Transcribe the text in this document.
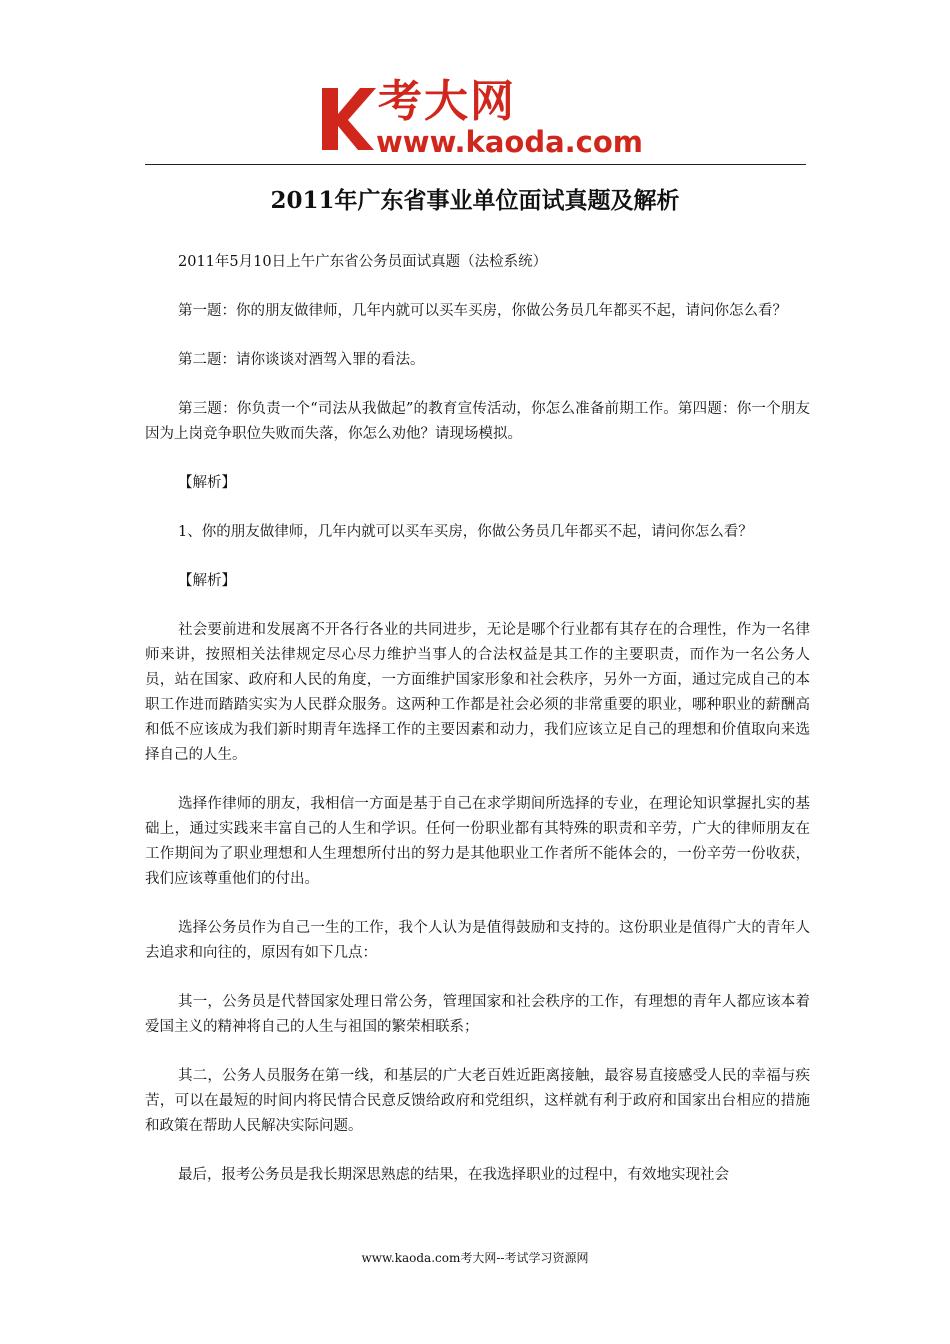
考大网
www.kaoda.com
2011年广东省事业单位面试真题及解析

2011年5月10日上午广东省公务员面试真题（法检系统）

第一题：你的朋友做律师，几年内就可以买车买房，你做公务员几年都买不起，请问你怎么看？

第二题：请你谈谈对酒驾入罪的看法。

第三题：你负责一个“司法从我做起”的教育宣传活动，你怎么准备前期工作。第四题：你一个朋友因为上岗竞争职位失败而失落，你怎么劝他？请现场模拟。

【解析】

1、你的朋友做律师，几年内就可以买车买房，你做公务员几年都买不起，请问你怎么看？

【解析】

社会要前进和发展离不开各行各业的共同进步，无论是哪个行业都有其存在的合理性，作为一名律师来讲，按照相关法律规定尽心尽力维护当事人的合法权益是其工作的主要职责，而作为一名公务人员，站在国家、政府和人民的角度，一方面维护国家形象和社会秩序，另外一方面，通过完成自己的本职工作进而踏踏实实为人民群众服务。这两种工作都是社会必须的非常重要的职业，哪种职业的薪酬高和低不应该成为我们新时期青年选择工作的主要因素和动力，我们应该立足自己的理想和价值取向来选择自己的人生。

选择作律师的朋友，我相信一方面是基于自己在求学期间所选择的专业，在理论知识掌握扎实的基础上，通过实践来丰富自己的人生和学识。任何一份职业都有其特殊的职责和辛劳，广大的律师朋友在工作期间为了职业理想和人生理想所付出的努力是其他职业工作者所不能体会的，一份辛劳一份收获，我们应该尊重他们的付出。

选择公务员作为自己一生的工作，我个人认为是值得鼓励和支持的。这份职业是值得广大的青年人去追求和向往的，原因有如下几点：

其一，公务员是代替国家处理日常公务，管理国家和社会秩序的工作，有理想的青年人都应该本着爱国主义的精神将自己的人生与祖国的繁荣相联系；

其二，公务人员服务在第一线，和基层的广大老百姓近距离接触，最容易直接感受人民的幸福与疾苦，可以在最短的时间内将民情合民意反馈给政府和党组织，这样就有利于政府和国家出台相应的措施和政策在帮助人民解决实际问题。

最后，报考公务员是我长期深思熟虑的结果，在我选择职业的过程中，有效地实现社会

www.kaoda.com考大网--考试学习资源网
